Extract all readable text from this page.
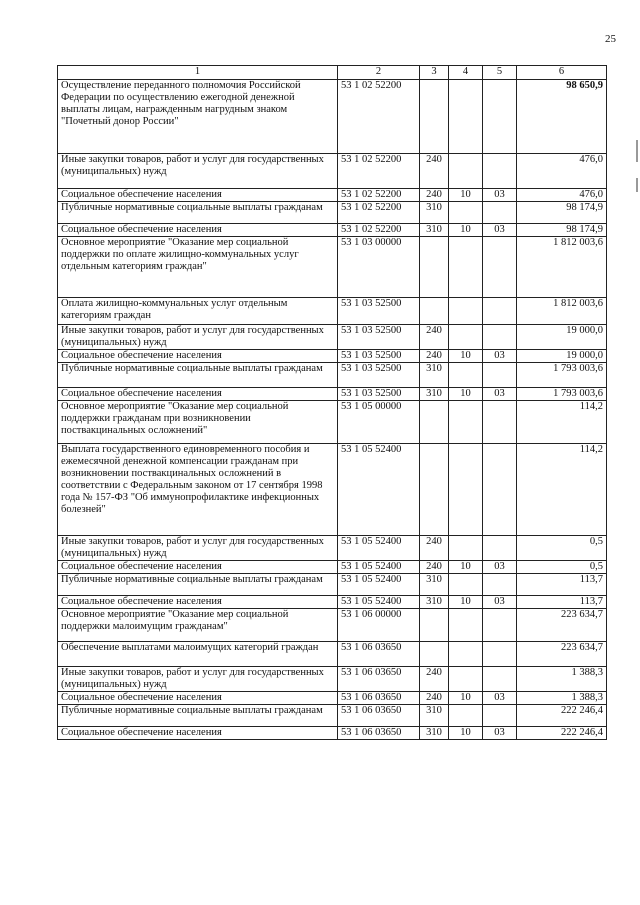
25
1	2	3	4	5	6
Осуществление переданного полномочия Российской Федерации по осуществлению ежегодной денежной выплаты лицам, награжденным нагрудным знаком "Почетный донор России"	53 1 02 52200				98 650,9
Иные закупки товаров, работ и услуг для государственных (муниципальных) нужд	53 1 02 52200	240			476,0
Социальное обеспечение населения	53 1 02 52200	240	10	03	476,0
Публичные нормативные социальные выплаты гражданам	53 1 02 52200	310			98 174,9
Социальное обеспечение населения	53 1 02 52200	310	10	03	98 174,9
Основное мероприятие "Оказание мер социальной поддержки по оплате жилищно-коммунальных услуг отдельным категориям граждан"	53 1 03 00000				1 812 003,6
Оплата жилищно-коммунальных услуг отдельным категориям граждан	53 1 03 52500				1 812 003,6
Иные закупки товаров, работ и услуг для государственных (муниципальных) нужд	53 1 03 52500	240			19 000,0
Социальное обеспечение населения	53 1 03 52500	240	10	03	19 000,0
Публичные нормативные социальные выплаты гражданам	53 1 03 52500	310			1 793 003,6
Социальное обеспечение населения	53 1 03 52500	310	10	03	1 793 003,6
Основное мероприятие "Оказание мер социальной поддержки гражданам при возникновении поствакцинальных осложнений"	53 1 05 00000				114,2
Выплата государственного единовременного пособия и ежемесячной денежной компенсации гражданам при возникновении поствакцинальных осложнений в соответствии с Федеральным законом от 17 сентября 1998 года № 157-ФЗ "Об иммунопрофилактике инфекционных болезней"	53 1 05 52400				114,2
Иные закупки товаров, работ и услуг для государственных (муниципальных) нужд	53 1 05 52400	240			0,5
Социальное обеспечение населения	53 1 05 52400	240	10	03	0,5
Публичные нормативные социальные выплаты гражданам	53 1 05 52400	310			113,7
Социальное обеспечение населения	53 1 05 52400	310	10	03	113,7
Основное мероприятие "Оказание мер социальной поддержки малоимущим гражданам"	53 1 06 00000				223 634,7
Обеспечение выплатами малоимущих категорий граждан	53 1 06 03650				223 634,7
Иные закупки товаров, работ и услуг для государственных (муниципальных) нужд	53 1 06 03650	240			1 388,3
Социальное обеспечение населения	53 1 06 03650	240	10	03	1 388,3
Публичные нормативные социальные выплаты гражданам	53 1 06 03650	310			222 246,4
Социальное обеспечение населения	53 1 06 03650	310	10	03	222 246,4
